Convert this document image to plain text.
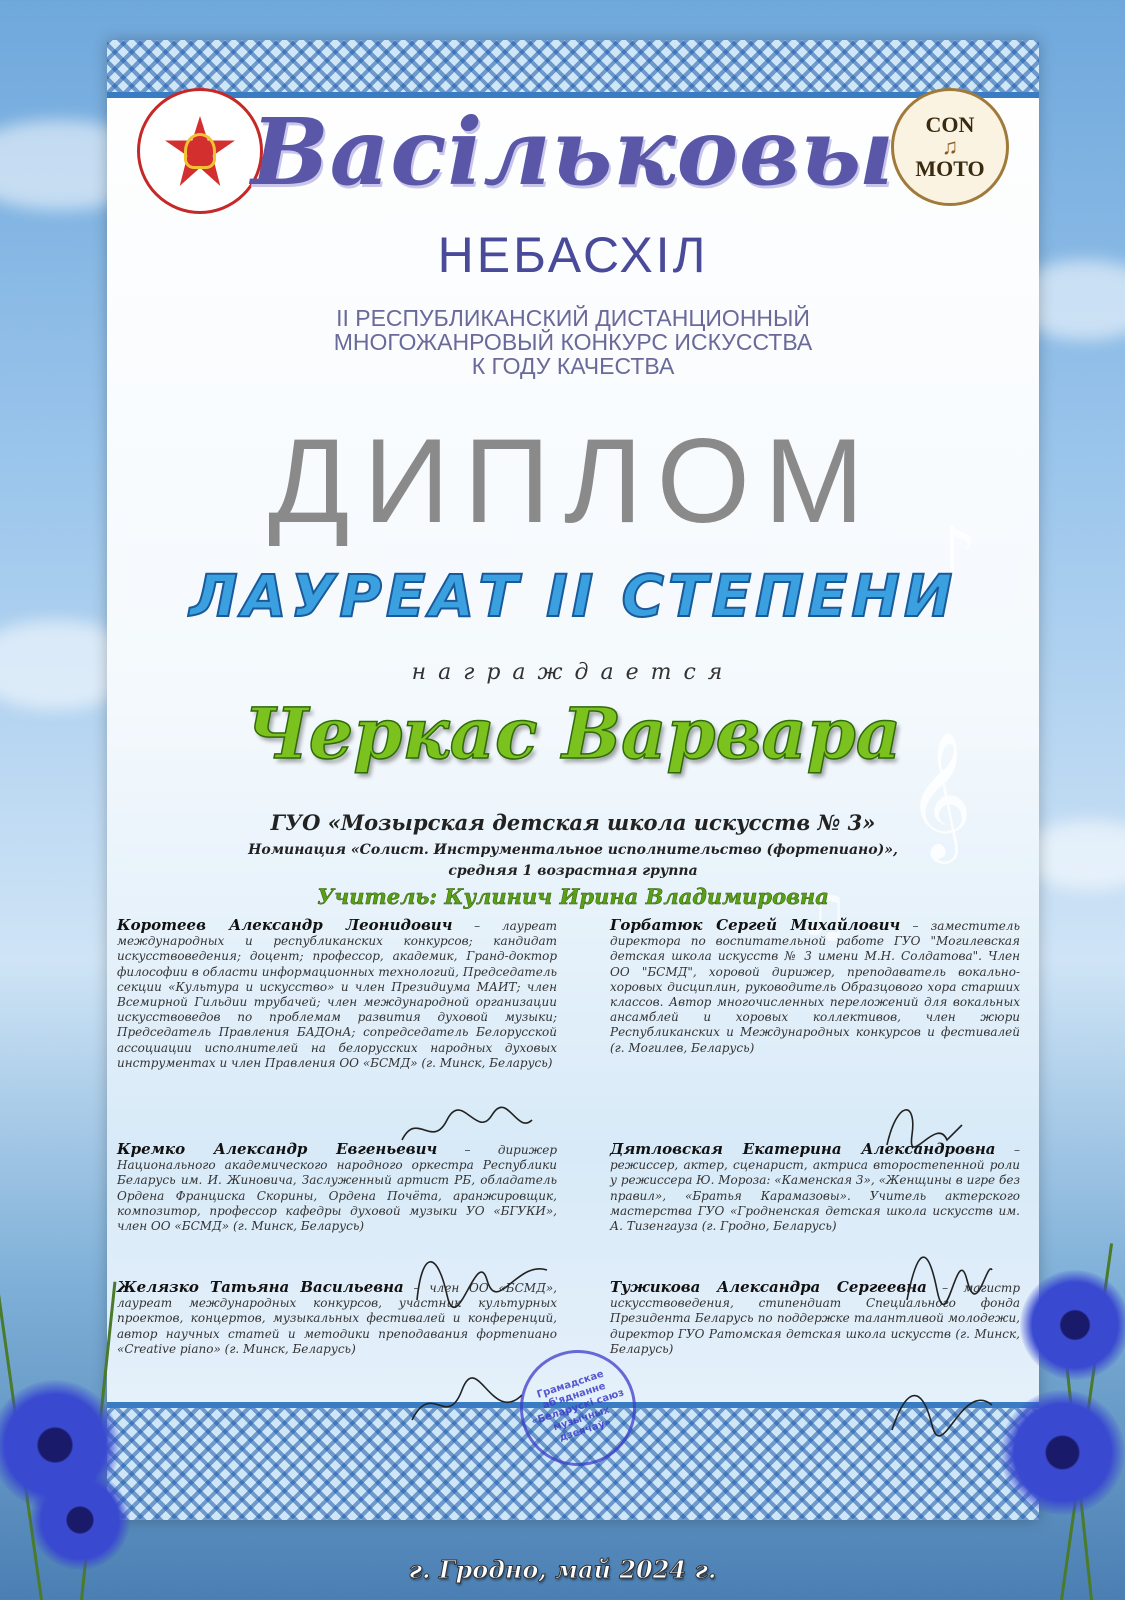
♪
𝄞
♫
CON
♫
MOTO
Васiльковы
НЕБАСХIЛ
II РЕСПУБЛИКАНСКИЙ ДИСТАНЦИОННЫЙ
МНОГОЖАНРОВЫЙ КОНКУРС ИСКУССТВА
К ГОДУ КАЧЕСТВА
ДИПЛОМ
ЛАУРЕАТ II СТЕПЕНИ
награждается
Черкас Варвара
ГУО «Мозырская детская школа искусств № 3»
Номинация «Солист. Инструментальное исполнительство (фортепиано)»,
средняя 1 возрастная группа
Учитель: Кулинич Ирина Владимировна
Коротеев Александр Леонидович – лауреат международных и республиканских конкурсов; кандидат искусствоведения; доцент; профессор, академик, Гранд-доктор философии в области информационных технологий, Председатель секции «Культура и искусство» и член Президиума МАИТ; член Всемирной Гильдии трубачей; член международной организации искусствоведов по проблемам развития духовой музыки; Председатель Правления БАДОнА; сопредседатель Белорусской ассоциации исполнителей на белорусских народных духовых инструментах и член Правления ОО «БСМД» (г. Минск, Беларусь)
Кремко Александр Евгеньевич – дирижер Национального академического народного оркестра Республики Беларусь им. И. Жиновича, Заслуженный артист РБ, обладатель Ордена Франциска Скорины, Ордена Почёта, аранжировщик, композитор, профессор кафедры духовой музыки УО «БГУКИ», член ОО «БСМД» (г. Минск, Беларусь)
Желязко Татьяна Васильевна – член ОО «БСМД», лауреат международных конкурсов, участник культурных проектов, концертов, музыкальных фестивалей и конференций, автор научных статей и методики преподавания фортепиано «Creative piano» (г. Минск, Беларусь)
Горбатюк Сергей Михайлович – заместитель директора по воспитательной работе ГУО "Могилевская детская школа искусств № 3 имени М.Н. Солдатова". Член ОО "БСМД", хоровой дирижер, преподаватель вокально-хоровых дисциплин, руководитель Образцового хора старших классов. Автор многочисленных переложений для вокальных ансамблей и хоровых коллективов, член жюри Республиканских и Международных конкурсов и фестивалей (г. Могилев, Беларусь)
Дятловская Екатерина Александровна – режиссер, актер, сценарист, актриса второстепенной роли у режиссера Ю. Мороза: «Каменская 3», «Женщины в игре без правил», «Братья Карамазовы». Учитель актерского мастерства ГУО «Гродненская детская школа искусств им. А. Тизенгауза (г. Гродно, Беларусь)
Тужикова Александра Сергеевна – магистр искусствоведения, стипендиат Специального фонда Президента Беларусь по поддержке талантливой молодежи, директор ГУО Ратомская детская школа искусств (г. Минск, Беларусь)
Грамадскае аб'яднанне «Беларускі саюз музычных дзеячаў»
г. Гродно, май 2024 г.
